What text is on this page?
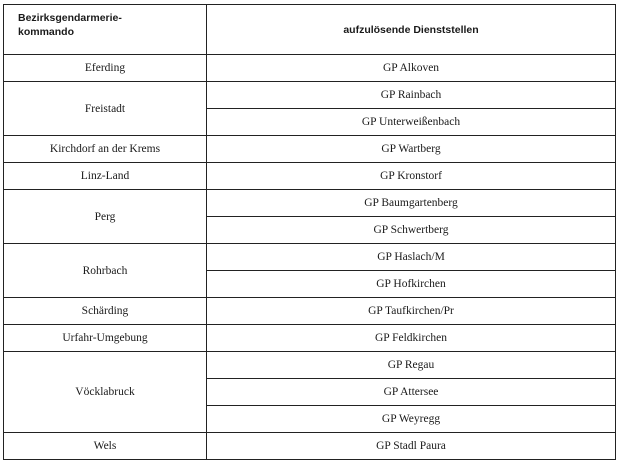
Bezirksgendarmerie-
kommando	aufzulösende Dienststellen
Eferding	GP Alkoven
Freistadt	GP Rainbach
	GP Unterweißenbach
Kirchdorf an der Krems	GP Wartberg
Linz-Land	GP Kronstorf
Perg	GP Baumgartenberg
	GP Schwertberg
Rohrbach	GP Haslach/M
	GP Hofkirchen
Schärding	GP Taufkirchen/Pr
Urfahr-Umgebung	GP Feldkirchen
Vöcklabruck	GP Regau
	GP Attersee
	GP Weyregg
Wels	GP Stadl Paura
